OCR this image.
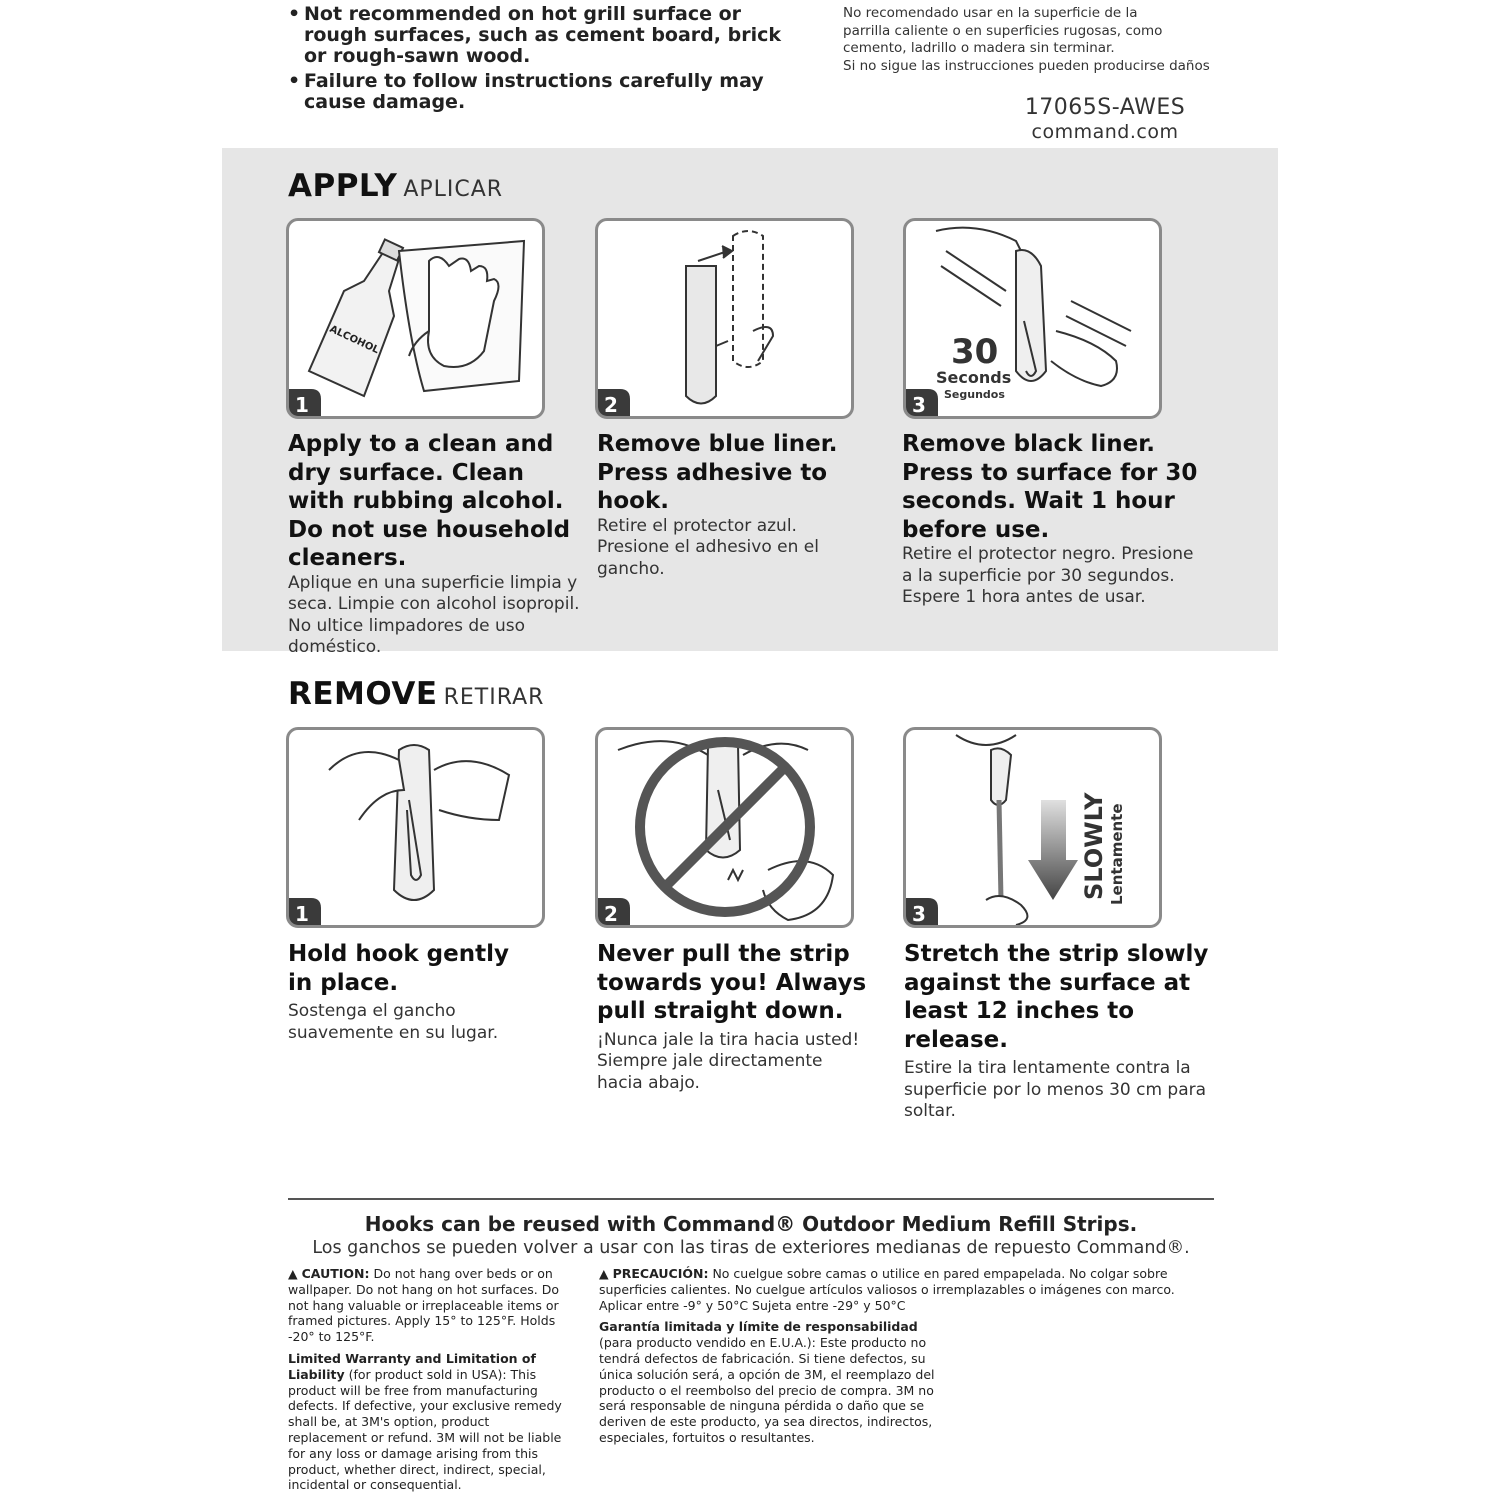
• Not recommended on hot grill surface or rough surfaces, such as cement board, brick or rough-sawn wood.
• Failure to follow instructions carefully may cause damage.
No recomendado usar en la superficie de la
parrilla caliente o en superficies rugosas, como
cemento, ladrillo o madera sin terminar.
Si no sigue las instrucciones pueden producirse daños
17065S-AWES
command.com
APPLY APLICAR
ALCOHOL
1	2
30
Seconds
Segundos
3
Apply to a clean and dry surface. Clean with rubbing alcohol. Do not use household cleaners.
Aplique en una superficie limpia y seca. Limpie con alcohol isopropil. No ultice limpadores de uso doméstico.
Remove blue liner. Press adhesive to hook.
Retire el protector azul. Presione el adhesivo en el gancho.
Remove black liner. Press to surface for 30 seconds. Wait 1 hour before use.
Retire el protector negro. Presione a la superficie por 30 segundos. Espere 1 hora antes de usar.
REMOVE RETIRAR
1	2
SLOWLY Lentamente
3
Hold hook gently in place.
Sostenga el gancho suavemente en su lugar.
Never pull the strip towards you! Always pull straight down.
¡Nunca jale la tira hacia usted! Siempre jale directamente hacia abajo.
Stretch the strip slowly against the surface at least 12 inches to release.
Estire la tira lentamente contra la superficie por lo menos 30 cm para soltar.
Hooks can be reused with Command® Outdoor Medium Refill Strips.
Los ganchos se pueden volver a usar con las tiras de exteriores medianas de repuesto Command®.
▲ CAUTION: Do not hang over beds or on wallpaper. Do not hang on hot surfaces. Do not hang valuable or irreplaceable items or framed pictures. Apply 15° to 125°F. Holds -20° to 125°F.
Limited Warranty and Limitation of Liability (for product sold in USA): This product will be free from manufacturing defects. If defective, your exclusive remedy shall be, at 3M's option, product replacement or refund. 3M will not be liable for any loss or damage arising from this product, whether direct, indirect, special, incidental or consequential.
▲ PRECAUCIÓN: No cuelgue sobre camas o utilice en pared empapelada. No colgar sobre superficies calientes. No cuelgue artículos valiosos o irremplazables o imágenes con marco. Aplicar entre -9° y 50°C Sujeta entre -29° y 50°C
Garantía limitada y límite de responsabilidad (para producto vendido en E.U.A.): Este producto no tendrá defectos de fabricación. Si tiene defectos, su única solución será, a opción de 3M, el reemplazo del producto o el reembolso del precio de compra. 3M no será responsable de ninguna pérdida o daño que se deriven de este producto, ya sea directos, indirectos, especiales, fortuitos o resultantes.
